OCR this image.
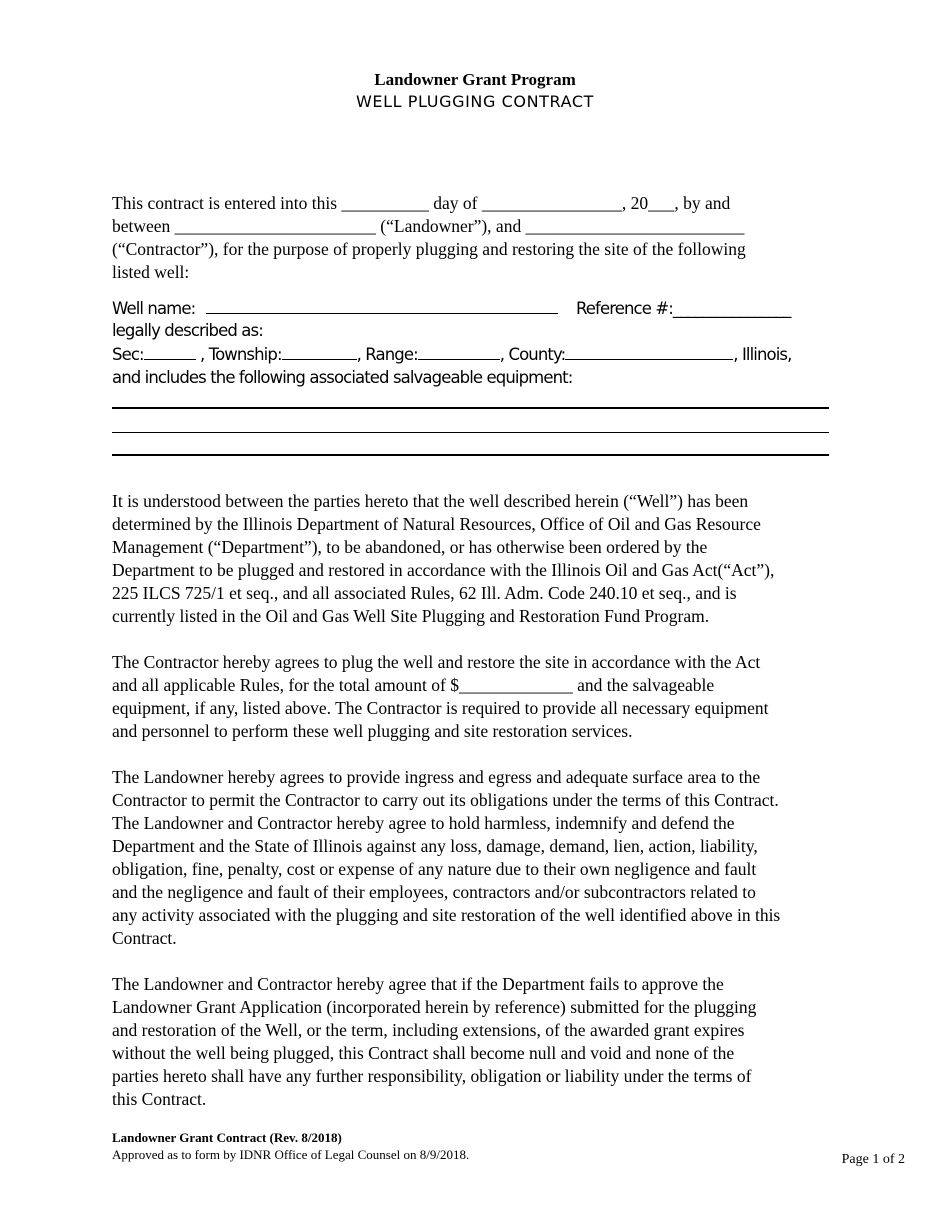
Landowner Grant Program
WELL PLUGGING CONTRACT
This contract is entered into this __________ day of ________________, 20___, by and
between _______________________ (“Landowner”), and _________________________
(“Contractor”), for the purpose of properly plugging and restoring the site of the following
listed well:
Well name:	Reference #:________________
legally described as:
Sec:	, Township:	, Range:	, County:	, Illinois,
and includes the following associated salvageable equipment:
It is understood between the parties hereto that the well described herein (“Well”) has been
determined by the Illinois Department of Natural Resources, Office of Oil and Gas Resource
Management (“Department”), to be abandoned, or has otherwise been ordered by the
Department to be plugged and restored in accordance with the Illinois Oil and Gas Act(“Act”),
225 ILCS 725/1 et seq., and all associated Rules, 62 Ill. Adm. Code 240.10 et seq., and is
currently listed in the Oil and Gas Well Site Plugging and Restoration Fund Program.
The Contractor hereby agrees to plug the well and restore the site in accordance with the Act
and all applicable Rules, for the total amount of $_____________ and the salvageable
equipment, if any, listed above. The Contractor is required to provide all necessary equipment
and personnel to perform these well plugging and site restoration services.
The Landowner hereby agrees to provide ingress and egress and adequate surface area to the
Contractor to permit the Contractor to carry out its obligations under the terms of this Contract.
The Landowner and Contractor hereby agree to hold harmless, indemnify and defend the
Department and the State of Illinois against any loss, damage, demand, lien, action, liability,
obligation, fine, penalty, cost or expense of any nature due to their own negligence and fault
and the negligence and fault of their employees, contractors and/or subcontractors related to
any activity associated with the plugging and site restoration of the well identified above in this
Contract.
The Landowner and Contractor hereby agree that if the Department fails to approve the
Landowner Grant Application (incorporated herein by reference) submitted for the plugging
and restoration of the Well, or the term, including extensions, of the awarded grant expires
without the well being plugged, this Contract shall become null and void and none of the
parties hereto shall have any further responsibility, obligation or liability under the terms of
this Contract.
Landowner Grant Contract (Rev. 8/2018)
Approved as to form by IDNR Office of Legal Counsel on 8/9/2018.	Page 1 of 2
